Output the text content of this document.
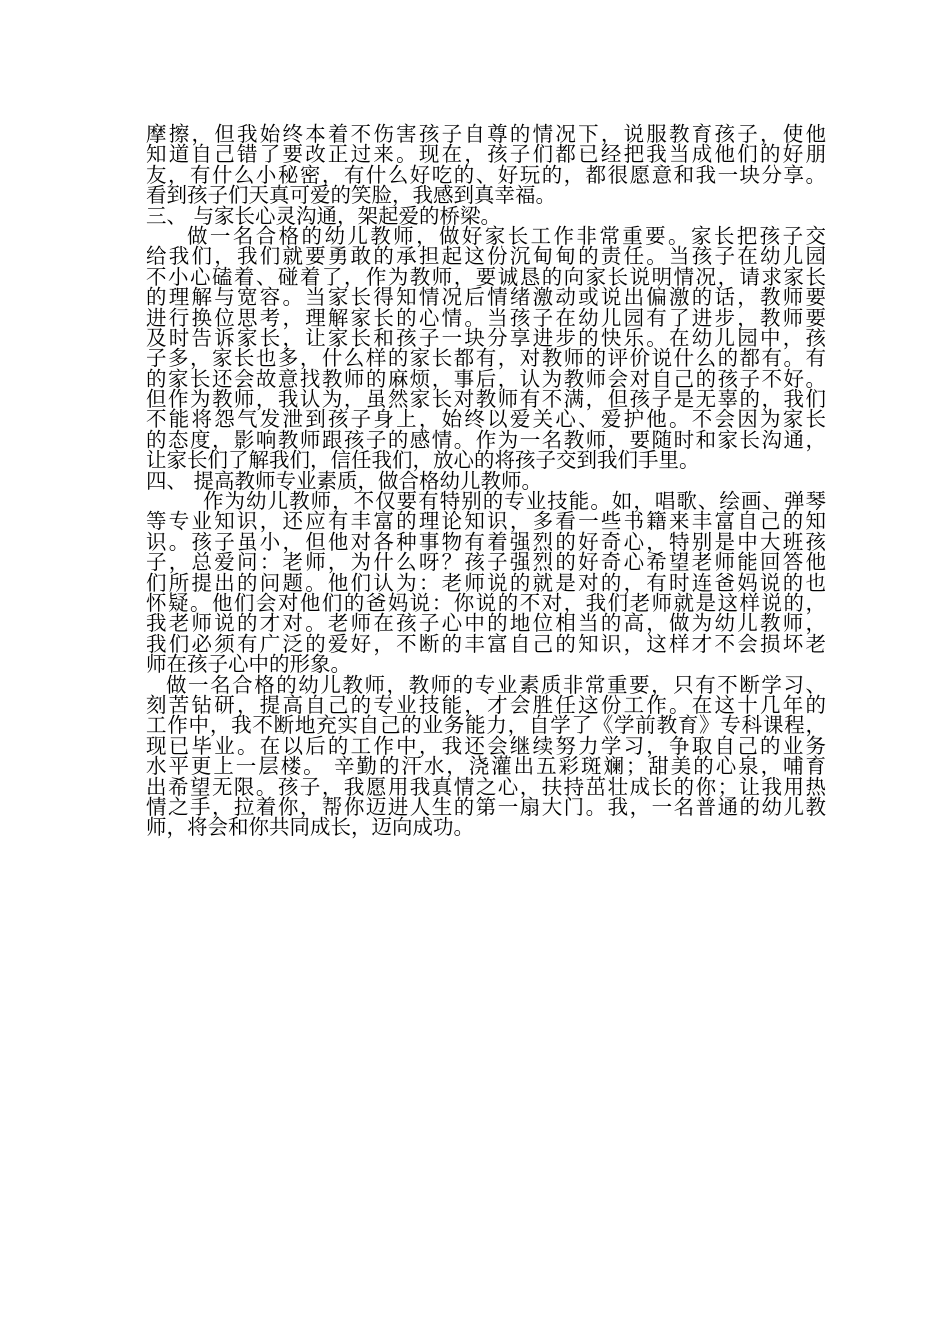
摩擦，但我始终本着不伤害孩子自尊的情况下，说服教育孩子，使他
知道自己错了要改正过来。现在，孩子们都已经把我当成他们的好朋
友，有什么小秘密，有什么好吃的、好玩的，都很愿意和我一块分享。
看到孩子们天真可爱的笑脸，我感到真幸福。
三、 与家长心灵沟通，架起爱的桥梁。
做一名合格的幼儿教师，做好家长工作非常重要。家长把孩子交
给我们，我们就要勇敢的承担起这份沉甸甸的责任。当孩子在幼儿园
不小心磕着、碰着了，作为教师，要诚恳的向家长说明情况，请求家长
的理解与宽容。当家长得知情况后情绪激动或说出偏激的话，教师要
进行换位思考，理解家长的心情。当孩子在幼儿园有了进步，教师要
及时告诉家长，让家长和孩子一块分享进步的快乐。在幼儿园中，孩
子多，家长也多，什么样的家长都有，对教师的评价说什么的都有。有
的家长还会故意找教师的麻烦，事后，认为教师会对自己的孩子不好。
但作为教师，我认为，虽然家长对教师有不满，但孩子是无辜的，我们
不能将怨气发泄到孩子身上，始终以爱关心、爱护他。不会因为家长
的态度，影响教师跟孩子的感情。作为一名教师，要随时和家长沟通，
让家长们了解我们，信任我们，放心的将孩子交到我们手里。
四、 提高教师专业素质，做合格幼儿教师。
作为幼儿教师，不仅要有特别的专业技能。如，唱歌、绘画、弹琴
等专业知识，还应有丰富的理论知识，多看一些书籍来丰富自己的知
识。孩子虽小，但他对各种事物有着强烈的好奇心，特别是中大班孩
子，总爱问：老师，为什么呀？孩子强烈的好奇心希望老师能回答他
们所提出的问题。他们认为：老师说的就是对的，有时连爸妈说的也
怀疑。他们会对他们的爸妈说：你说的不对，我们老师就是这样说的，
我老师说的才对。老师在孩子心中的地位相当的高，做为幼儿教师，
我们必须有广泛的爱好，不断的丰富自己的知识，这样才不会损坏老
师在孩子心中的形象。
做一名合格的幼儿教师，教师的专业素质非常重要，只有不断学习、
刻苦钻研，提高自己的专业技能，才会胜任这份工作。在这十几年的
工作中，我不断地充实自己的业务能力，自学了《学前教育》专科课程，
现已毕业。在以后的工作中，我还会继续努力学习，争取自己的业务
水平更上一层楼。 辛勤的汗水，浇灌出五彩斑斓；甜美的心泉，哺育
出希望无限。孩子，我愿用我真情之心，扶持茁壮成长的你；让我用热
情之手，拉着你，帮你迈进人生的第一扇大门。我，一名普通的幼儿教
师，将会和你共同成长，迈向成功。
